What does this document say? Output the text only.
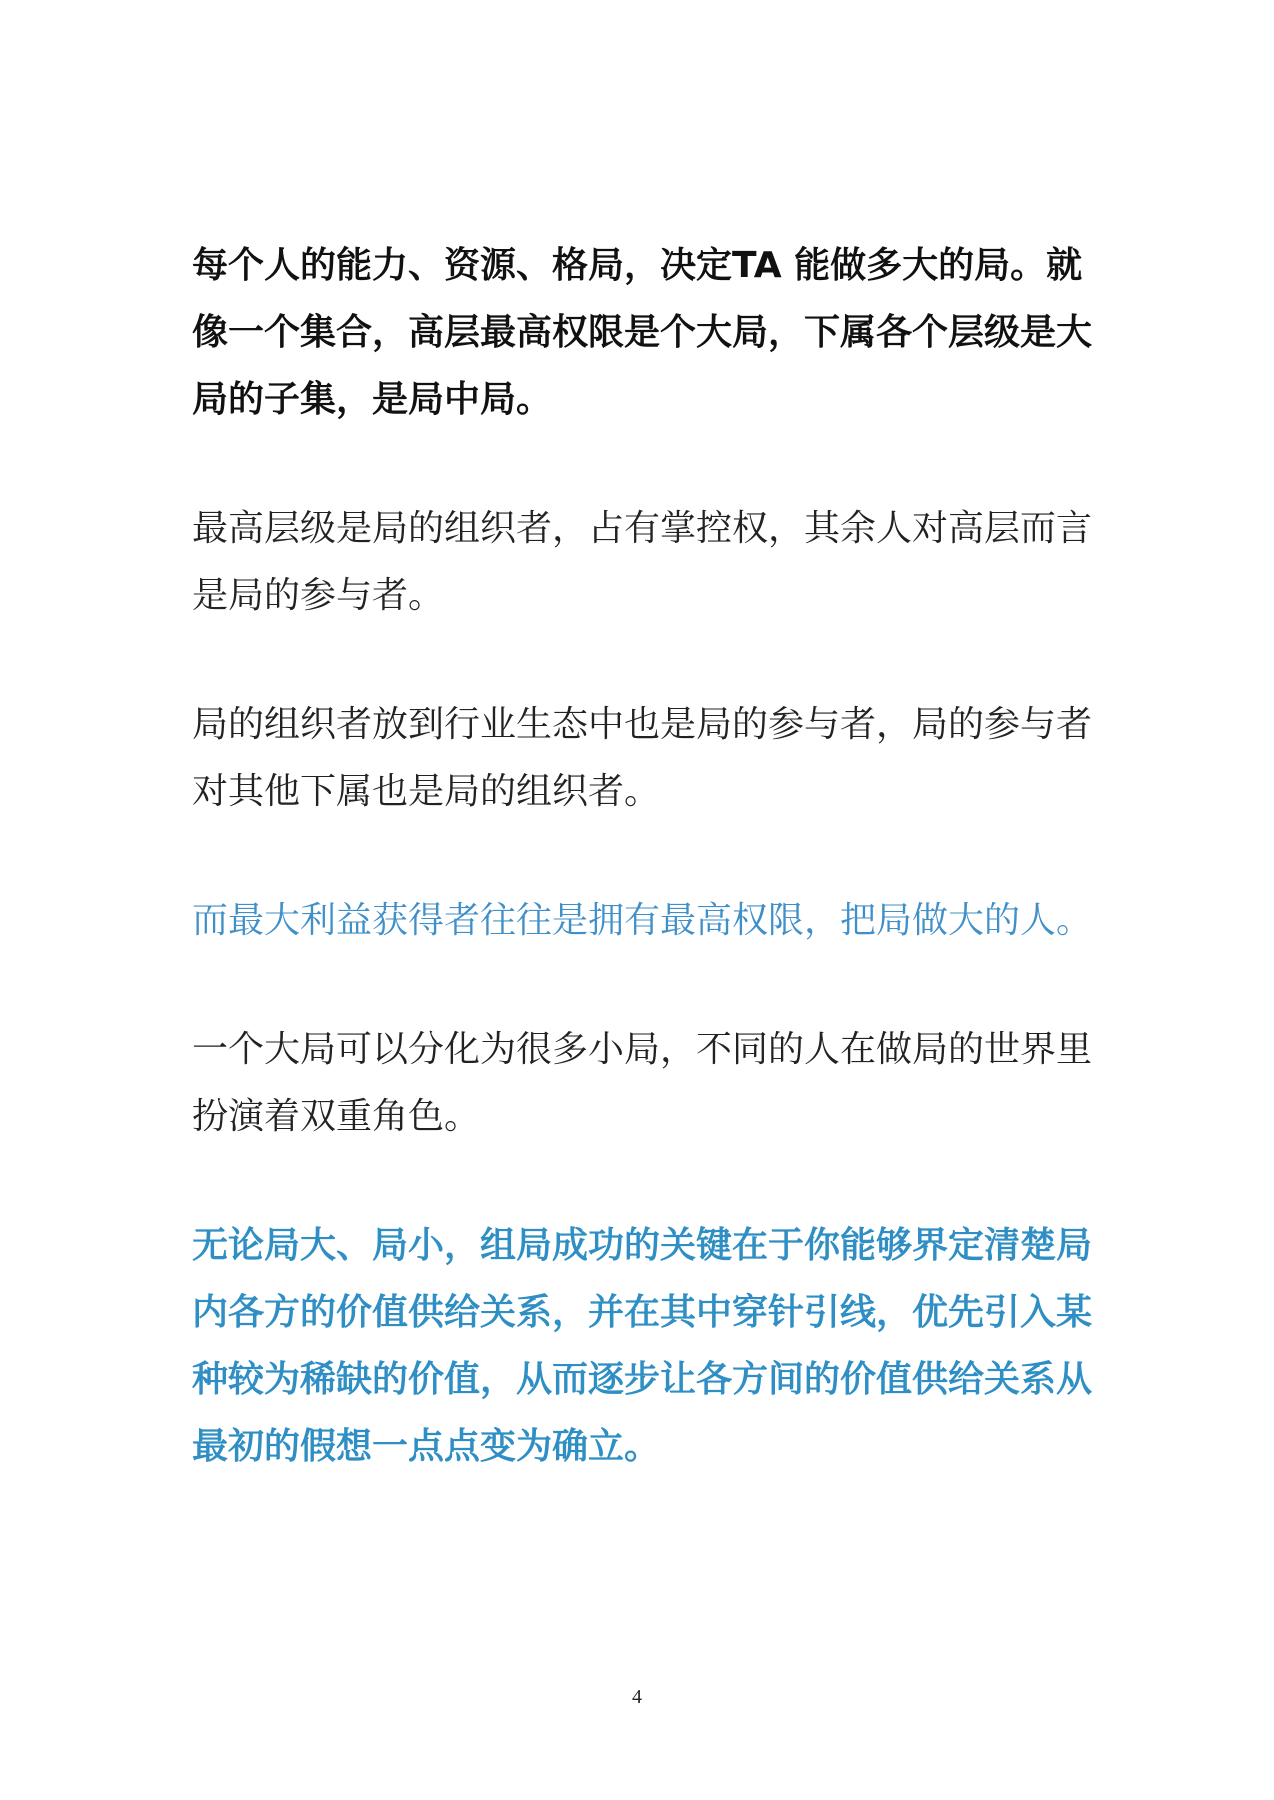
每个人的能力、资源、格局，决定TA 能做多大的局。就像一个集合，高层最高权限是个大局，下属各个层级是大局的子集，是局中局。

最高层级是局的组织者，占有掌控权，其余人对高层而言是局的参与者。

局的组织者放到行业生态中也是局的参与者，局的参与者对其他下属也是局的组织者。

而最大利益获得者往往是拥有最高权限，把局做大的人。

一个大局可以分化为很多小局，不同的人在做局的世界里扮演着双重角色。

无论局大、局小，组局成功的关键在于你能够界定清楚局内各方的价值供给关系，并在其中穿针引线，优先引入某种较为稀缺的价值，从而逐步让各方间的价值供给关系从最初的假想一点点变为确立。

4
